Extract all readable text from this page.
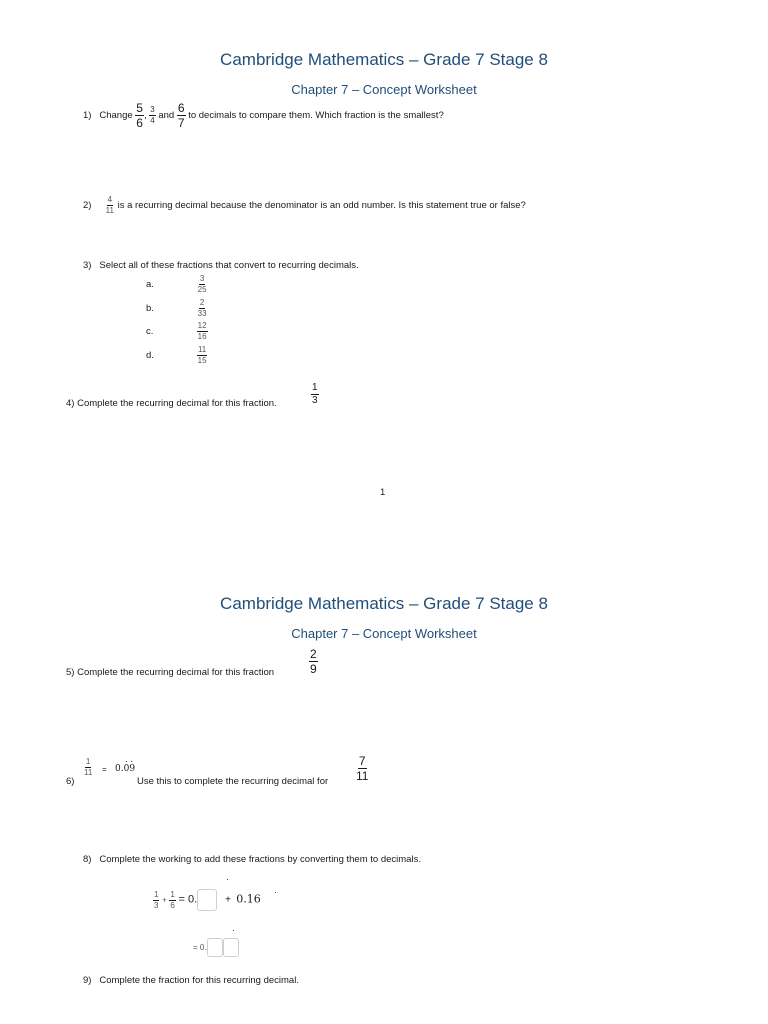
Cambridge Mathematics – Grade 7 Stage 8
Chapter 7 – Concept Worksheet
1) Change $\frac{5}{6}$ , $\frac{3}{4}$ and $\frac{6}{7}$ to decimals to compare them. Which fraction is the smallest?
$2) \frac{4}{11}$ is a recurring decimal because the denominator is an odd number. Is this statement true or false?
3) Select all of these fractions that convert to recurring decimals.
a.	$\frac{3}{25}$
b.	$\frac{2}{33}$
c.	$\frac{12}{16}$
d.	$\frac{11}{15}$
4) Complete the recurring decimal for this fraction.	$\frac{1}{3}$
1
Cambridge Mathematics – Grade 7 Stage 8
Chapter 7 – Concept Worksheet
5) Complete the recurring decimal for this fraction	$\frac{2}{9}$
6)
$\frac{1}{11} = 0.09$
· ·
Use this to complete the recurring decimal for $\frac{7}{11}$
8) Complete the working to add these fractions by converting them to decimals.
$\frac{1}{3} + \frac{1}{6} = 0$.	+ 0.16
·
·
= 0.
·
9) Complete the fraction for this recurring decimal.
